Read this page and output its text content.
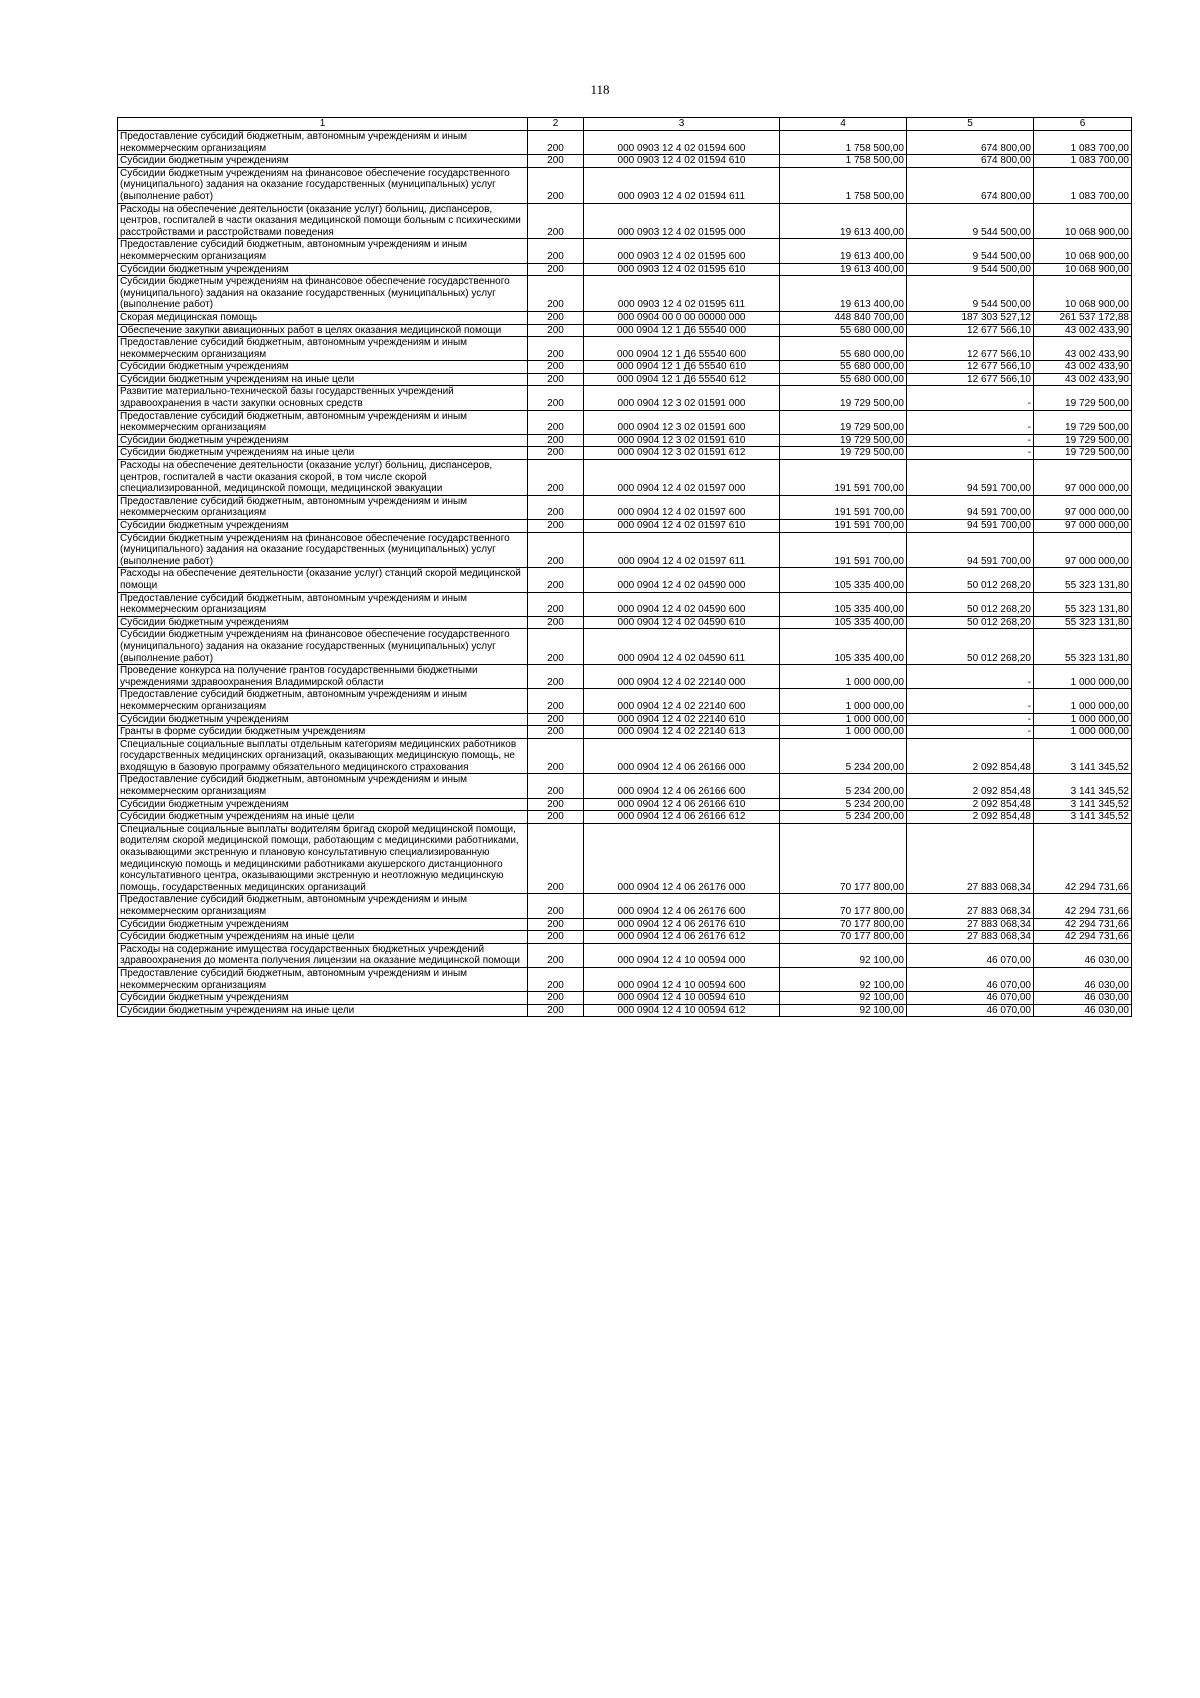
118
1	2	3	4	5	6
Предоставление субсидий бюджетным, автономным учреждениям и иным некоммерческим организациям	200	000 0903 12 4 02 01594 600	1 758 500,00	674 800,00	1 083 700,00
Субсидии бюджетным учреждениям	200	000 0903 12 4 02 01594 610	1 758 500,00	674 800,00	1 083 700,00
Субсидии бюджетным учреждениям на финансовое обеспечение государственного (муниципального) задания на оказание государственных (муниципальных) услуг (выполнение работ)	200	000 0903 12 4 02 01594 611	1 758 500,00	674 800,00	1 083 700,00
Расходы на обеспечение деятельности (оказание услуг) больниц, диспансеров, центров, госпиталей в части оказания медицинской помощи больным с психическими расстройствами и расстройствами поведения	200	000 0903 12 4 02 01595 000	19 613 400,00	9 544 500,00	10 068 900,00
Предоставление субсидий бюджетным, автономным учреждениям и иным некоммерческим организациям	200	000 0903 12 4 02 01595 600	19 613 400,00	9 544 500,00	10 068 900,00
Субсидии бюджетным учреждениям	200	000 0903 12 4 02 01595 610	19 613 400,00	9 544 500,00	10 068 900,00
Субсидии бюджетным учреждениям на финансовое обеспечение государственного (муниципального) задания на оказание государственных (муниципальных) услуг (выполнение работ)	200	000 0903 12 4 02 01595 611	19 613 400,00	9 544 500,00	10 068 900,00
Скорая медицинская помощь	200	000 0904 00 0 00 00000 000	448 840 700,00	187 303 527,12	261 537 172,88
Обеспечение закупки авиационных работ в целях оказания медицинской помощи	200	000 0904 12 1 Д6 55540 000	55 680 000,00	12 677 566,10	43 002 433,90
Предоставление субсидий бюджетным, автономным учреждениям и иным некоммерческим организациям	200	000 0904 12 1 Д6 55540 600	55 680 000,00	12 677 566,10	43 002 433,90
Субсидии бюджетным учреждениям	200	000 0904 12 1 Д6 55540 610	55 680 000,00	12 677 566,10	43 002 433,90
Субсидии бюджетным учреждениям на иные цели	200	000 0904 12 1 Д6 55540 612	55 680 000,00	12 677 566,10	43 002 433,90
Развитие материально-технической базы государственных учреждений здравоохранения в части закупки основных средств	200	000 0904 12 3 02 01591 000	19 729 500,00	-	19 729 500,00
Предоставление субсидий бюджетным, автономным учреждениям и иным некоммерческим организациям	200	000 0904 12 3 02 01591 600	19 729 500,00	-	19 729 500,00
Субсидии бюджетным учреждениям	200	000 0904 12 3 02 01591 610	19 729 500,00	-	19 729 500,00
Субсидии бюджетным учреждениям на иные цели	200	000 0904 12 3 02 01591 612	19 729 500,00	-	19 729 500,00
Расходы на обеспечение деятельности (оказание услуг) больниц, диспансеров, центров, госпиталей в части оказания скорой, в том числе скорой специализированной, медицинской помощи, медицинской эвакуации	200	000 0904 12 4 02 01597 000	191 591 700,00	94 591 700,00	97 000 000,00
Предоставление субсидий бюджетным, автономным учреждениям и иным некоммерческим организациям	200	000 0904 12 4 02 01597 600	191 591 700,00	94 591 700,00	97 000 000,00
Субсидии бюджетным учреждениям	200	000 0904 12 4 02 01597 610	191 591 700,00	94 591 700,00	97 000 000,00
Субсидии бюджетным учреждениям на финансовое обеспечение государственного (муниципального) задания на оказание государственных (муниципальных) услуг (выполнение работ)	200	000 0904 12 4 02 01597 611	191 591 700,00	94 591 700,00	97 000 000,00
Расходы на обеспечение деятельности (оказание услуг) станций скорой медицинской помощи	200	000 0904 12 4 02 04590 000	105 335 400,00	50 012 268,20	55 323 131,80
Предоставление субсидий бюджетным, автономным учреждениям и иным некоммерческим организациям	200	000 0904 12 4 02 04590 600	105 335 400,00	50 012 268,20	55 323 131,80
Субсидии бюджетным учреждениям	200	000 0904 12 4 02 04590 610	105 335 400,00	50 012 268,20	55 323 131,80
Субсидии бюджетным учреждениям на финансовое обеспечение государственного (муниципального) задания на оказание государственных (муниципальных) услуг (выполнение работ)	200	000 0904 12 4 02 04590 611	105 335 400,00	50 012 268,20	55 323 131,80
Проведение конкурса на получение грантов государственными бюджетными учреждениями здравоохранения Владимирской области	200	000 0904 12 4 02 22140 000	1 000 000,00	-	1 000 000,00
Предоставление субсидий бюджетным, автономным учреждениям и иным некоммерческим организациям	200	000 0904 12 4 02 22140 600	1 000 000,00	-	1 000 000,00
Субсидии бюджетным учреждениям	200	000 0904 12 4 02 22140 610	1 000 000,00	-	1 000 000,00
Гранты в форме субсидии бюджетным учреждениям	200	000 0904 12 4 02 22140 613	1 000 000,00	-	1 000 000,00
Специальные социальные выплаты отдельным категориям медицинских работников государственных медицинских организаций, оказывающих медицинскую помощь, не входящую в базовую программу обязательного медицинского страхования	200	000 0904 12 4 06 26166 000	5 234 200,00	2 092 854,48	3 141 345,52
Предоставление субсидий бюджетным, автономным учреждениям и иным некоммерческим организациям	200	000 0904 12 4 06 26166 600	5 234 200,00	2 092 854,48	3 141 345,52
Субсидии бюджетным учреждениям	200	000 0904 12 4 06 26166 610	5 234 200,00	2 092 854,48	3 141 345,52
Субсидии бюджетным учреждениям на иные цели	200	000 0904 12 4 06 26166 612	5 234 200,00	2 092 854,48	3 141 345,52
Специальные социальные выплаты водителям бригад скорой медицинской помощи, водителям скорой медицинской помощи, работающим с медицинскими работниками, оказывающими экстренную и плановую консультативную специализированную медицинскую помощь и медицинскими работниками акушерского дистанционного консультативного центра, оказывающими экстренную и неотложную медицинскую помощь, государственных медицинских организаций	200	000 0904 12 4 06 26176 000	70 177 800,00	27 883 068,34	42 294 731,66
Предоставление субсидий бюджетным, автономным учреждениям и иным некоммерческим организациям	200	000 0904 12 4 06 26176 600	70 177 800,00	27 883 068,34	42 294 731,66
Субсидии бюджетным учреждениям	200	000 0904 12 4 06 26176 610	70 177 800,00	27 883 068,34	42 294 731,66
Субсидии бюджетным учреждениям на иные цели	200	000 0904 12 4 06 26176 612	70 177 800,00	27 883 068,34	42 294 731,66
Расходы на содержание имущества государственных бюджетных учреждений здравоохранения до момента получения лицензии на оказание медицинской помощи	200	000 0904 12 4 10 00594 000	92 100,00	46 070,00	46 030,00
Предоставление субсидий бюджетным, автономным учреждениям и иным некоммерческим организациям	200	000 0904 12 4 10 00594 600	92 100,00	46 070,00	46 030,00
Субсидии бюджетным учреждениям	200	000 0904 12 4 10 00594 610	92 100,00	46 070,00	46 030,00
Субсидии бюджетным учреждениям на иные цели	200	000 0904 12 4 10 00594 612	92 100,00	46 070,00	46 030,00
